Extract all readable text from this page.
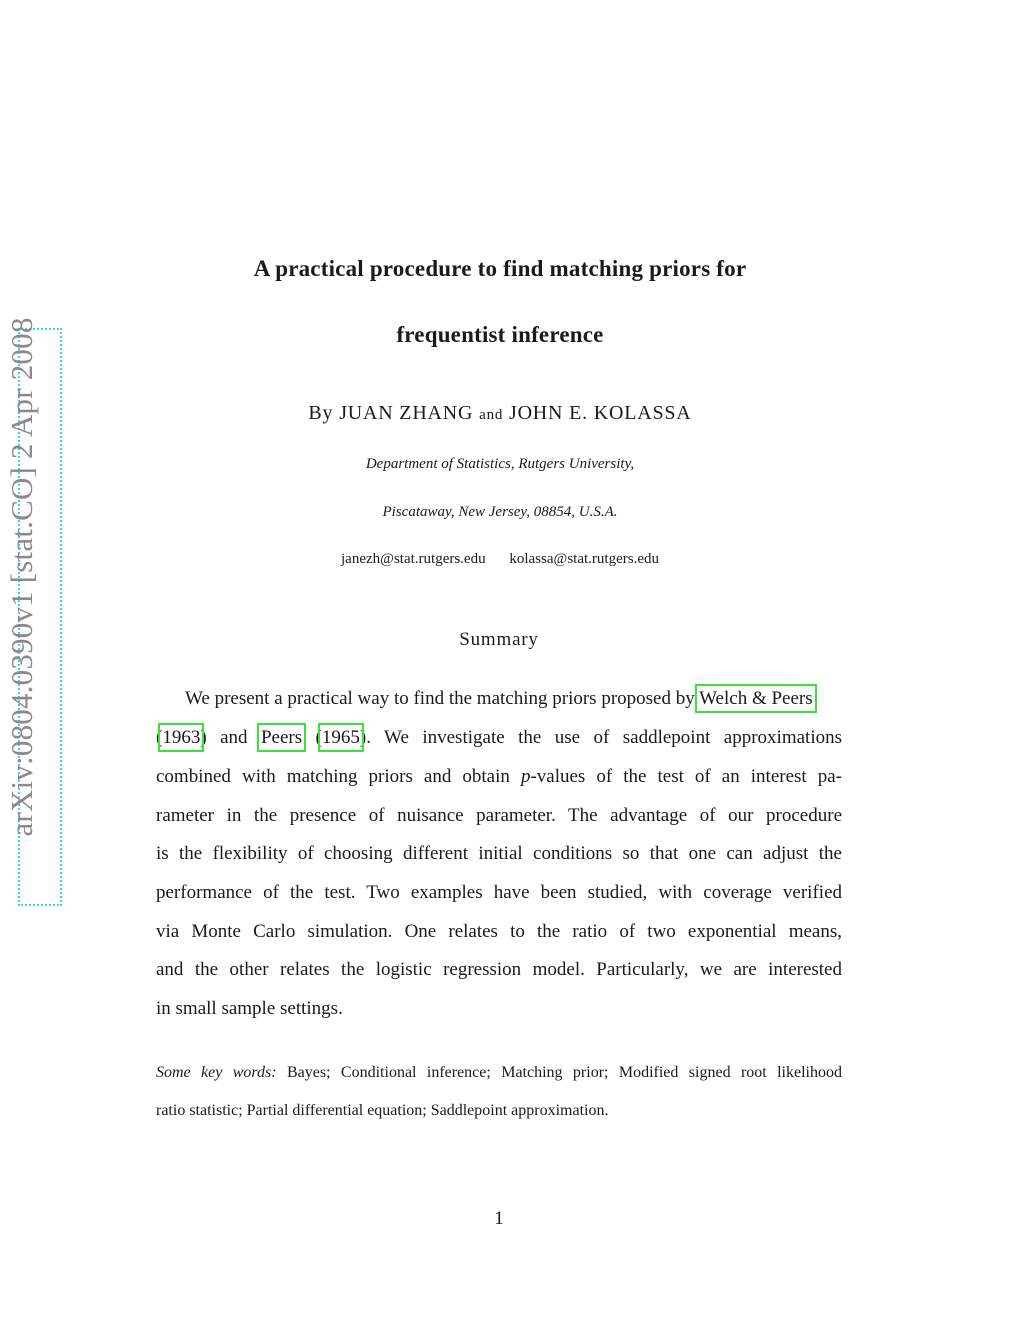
arXiv:0804.0390v1 [stat.CO] 2 Apr 2008
A practical procedure to find matching priors for
frequentist inference
By JUAN ZHANG and JOHN E. KOLASSA
Department of Statistics, Rutgers University,
Piscataway, New Jersey, 08854, U.S.A.
janezh@stat.rutgers.edu kolassa@stat.rutgers.edu
Summary
We present a practical way to find the matching priors proposed by Welch & Peers
(1963) and Peers (1965). We investigate the use of saddlepoint approximations
combined with matching priors and obtain p-values of the test of an interest pa-
rameter in the presence of nuisance parameter. The advantage of our procedure
is the flexibility of choosing different initial conditions so that one can adjust the
performance of the test. Two examples have been studied, with coverage verified
via Monte Carlo simulation. One relates to the ratio of two exponential means,
and the other relates the logistic regression model. Particularly, we are interested
in small sample settings.
Some key words: Bayes; Conditional inference; Matching prior; Modified signed root likelihood
ratio statistic; Partial differential equation; Saddlepoint approximation.
1
